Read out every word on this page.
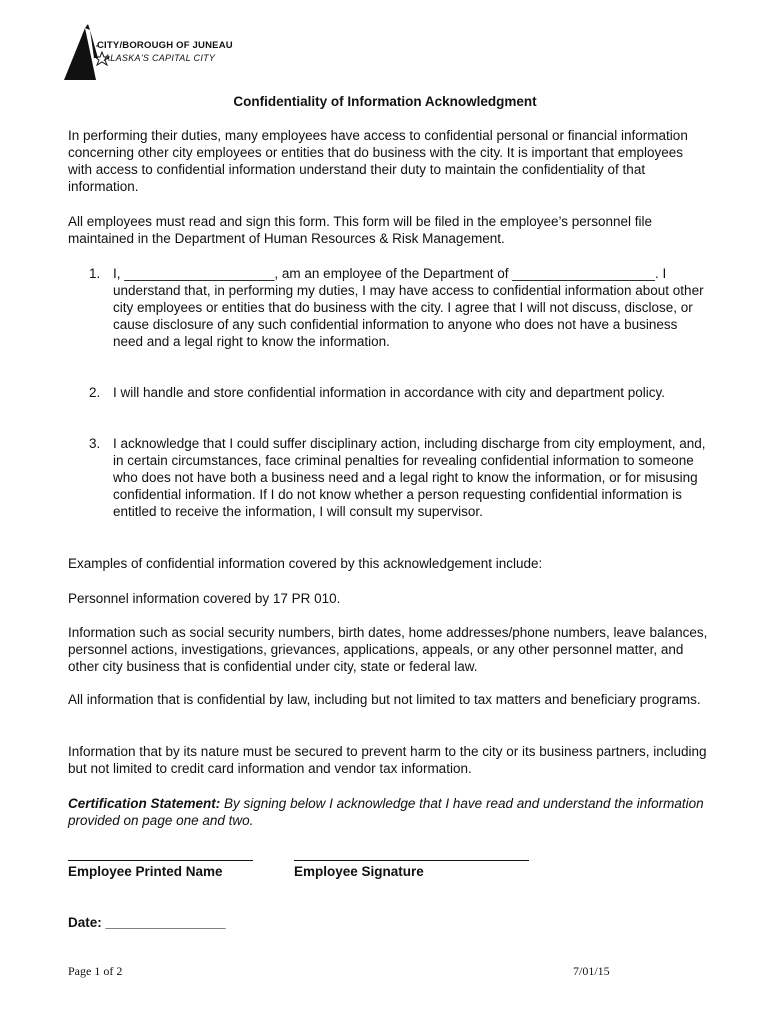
CITY/BOROUGH OF JUNEAU
ALASKA'S CAPITAL CITY
Confidentiality of Information Acknowledgment

In performing their duties, many employees have access to confidential personal or financial information concerning other city employees or entities that do business with the city. It is important that employees with access to confidential information understand their duty to maintain the confidentiality of that information.

All employees must read and sign this form. This form will be filed in the employee’s personnel file maintained in the Department of Human Resources & Risk Management.

1. I, ____________________, am an employee of the Department of ___________________. I understand that, in performing my duties, I may have access to confidential information about other city employees or entities that do business with the city. I agree that I will not discuss, disclose, or cause disclosure of any such confidential information to anyone who does not have a business need and a legal right to know the information.
2. I will handle and store confidential information in accordance with city and department policy.
3. I acknowledge that I could suffer disciplinary action, including discharge from city employment, and, in certain circumstances, face criminal penalties for revealing confidential information to someone who does not have both a business need and a legal right to know the information, or for misusing confidential information. If I do not know whether a person requesting confidential information is entitled to receive the information, I will consult my supervisor.

Examples of confidential information covered by this acknowledgement include:

Personnel information covered by 17 PR 010.

Information such as social security numbers, birth dates, home addresses/phone numbers, leave balances, personnel actions, investigations, grievances, applications, appeals, or any other personnel matter, and other city business that is confidential under city, state or federal law.

All information that is confidential by law, including but not limited to tax matters and beneficiary programs.

Information that by its nature must be secured to prevent harm to the city or its business partners, including but not limited to credit card information and vendor tax information.

Certification Statement: By signing below I acknowledge that I have read and understand the information provided on page one and two.

Employee Printed Name	Employee Signature
Date: ________________
Page 1 of 2	7/01/15
